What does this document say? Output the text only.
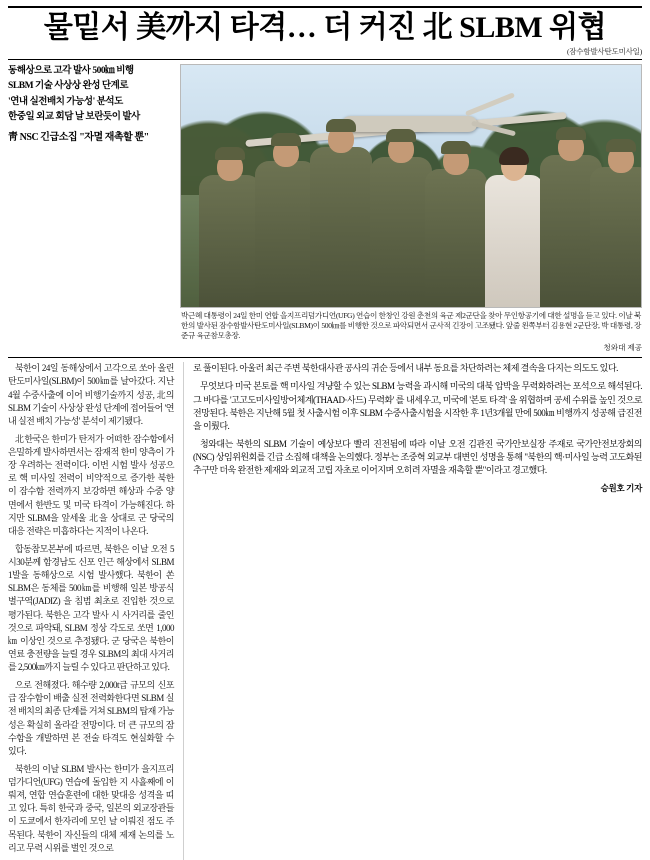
물밑서 美까지 타격… 더 커진 北 SLBM 위협
(잠수함발사탄도미사일)

동해상으로 고각 발사 500㎞ 비행

SLBM 기술 사상상 완성 단계로

'연내 실전배치 가능성' 분석도

한중일 외교 회담 날 보란듯이 발사

靑 NSC 긴급소집 "자멸 재촉할 뿐"

박근혜 대통령이 24일 한미 연합 을지프리덤가디언(UFG) 연습이 한창인 강원 춘천의 육군 제2군단을 찾아 무인항공기에 대한 설명을 듣고 있다. 이날 북한의 발사된 잠수함발사탄도미사일(SLBM)이 500㎞를 비행한 것으로 파악되면서 군사적 긴장이 고조됐다. 앞줄 왼쪽부터 김용현 2군단장, 박 대통령, 장준규 육군참모총장.
청와대 제공

북한이 24일 동해상에서 고각으로 쏘아 올린 탄도미사일(SLBM)이 500㎞를 날아갔다. 지난 4월 수중사출에 이어 비행기술까지 성공, 北의 SLBM 기술이 사상상 완성 단계에 접어들어 '연내 실전 배치 가능성' 분석이 제기됐다.

北한국은 한미가 탄저가 어떠한 잠수함에서 은밀하게 발사하면서는 잠재적 한미 양측이 가장 우려하는 전력이다. 이번 시험 발사 성공으로 핵 미사일 전력이 비약적으로 증가한 북한이 잠수함 전력까지 보강하면 해상과 수중 양면에서 한반도 및 미국 타격이 가능해진다. 하지만 SLBM을 앞세울 北을 상대로 군 당국의 대응 전략은 미흡하다는 지적이 나온다.

합동참모본부에 따르면, 북한은 이날 오전 5시30분께 함경남도 신포 인근 해상에서 SLBM 1발을 동해상으로 시험 발사했다. 북한이 쏜 SLBM은 동체를 500㎞를 비행해 일본 방공식별구역(JADIZ) 을 침범 최초로 진입한 것으로 평가된다. 북한은 고각 발사 시 사거리를 줄인 것으로 파악돼, SLBM 정상 각도로 쏘면 1,000㎞ 이상인 것으로 추정됐다. 군 당국은 북한이 연료 충전량을 늘릴 경우 SLBM의 최대 사거리를 2,500㎞까지 늘릴 수 있다고 판단하고 있다.

으로 전해졌다. 해수량 2,000t급 규모의 신포급 잠수함이 배출 실전 전력화한다면 SLBM 실전 배치의 최종 단계를 거쳐 SLBM의 탑재 가능성은 확실히 올라갈 전망이다. 더 큰 규모의 잠수함을 개발하면 본 전술 타격도 현실화할 수 있다.

북한의 이날 SLBM 발사는 한미가 을지프리덤가디언(UFG) 연습에 돌입한 지 사흘째에 이뤄져, 연합 연습훈련에 대한 맞대응 성격을 띠고 있다. 특히 한국과 중국, 일본의 외교장관들이 도쿄에서 한자리에 모인 날 이뤄진 점도 주목된다. 북한이 자신들의 대체 제재 논의를 노리고 무력 시위를 벌인 것으로

로 풀이된다. 아울러 최근 주변 북한대사관 공사의 귀순 등에서 내부 동요를 차단하려는 체제 결속을 다지는 의도도 있다.

무엇보다 미국 본토를 핵 미사일 겨냥할 수 있는 SLBM 능력을 과시해 미국의 대북 압박을 무력화하려는 포석으로 해석된다. 그 바다를 '고고도미사일방어체계(THAAD·사드) 무력화' 를 내세우고, 미국에 '본토 타격' 을 위협하며 공세 수위를 높인 것으로 전망된다. 북한은 지난해 5월 첫 사출시험 이후 SLBM 수중사출시험을 시작한 후 1년3개월 만에 500㎞ 비행까지 성공해 급진전을 이뤘다.

청와대는 북한의 SLBM 기술이 예상보다 빨리 진전됨에 따라 이날 오전 김관진 국가안보실장 주재로 국가안전보장회의(NSC) 상임위원회를 긴급 소집해 대책을 논의했다. 정부는 조중혁 외교부 대변인 성명을 통해 "북한의 핵·미사일 능력 고도화된 추구만 더욱 완전한 제재와 외교적 고립 자초로 이어지며 오히려 자멸을 재촉할 뿐"이라고 경고했다.

승원호 기자
